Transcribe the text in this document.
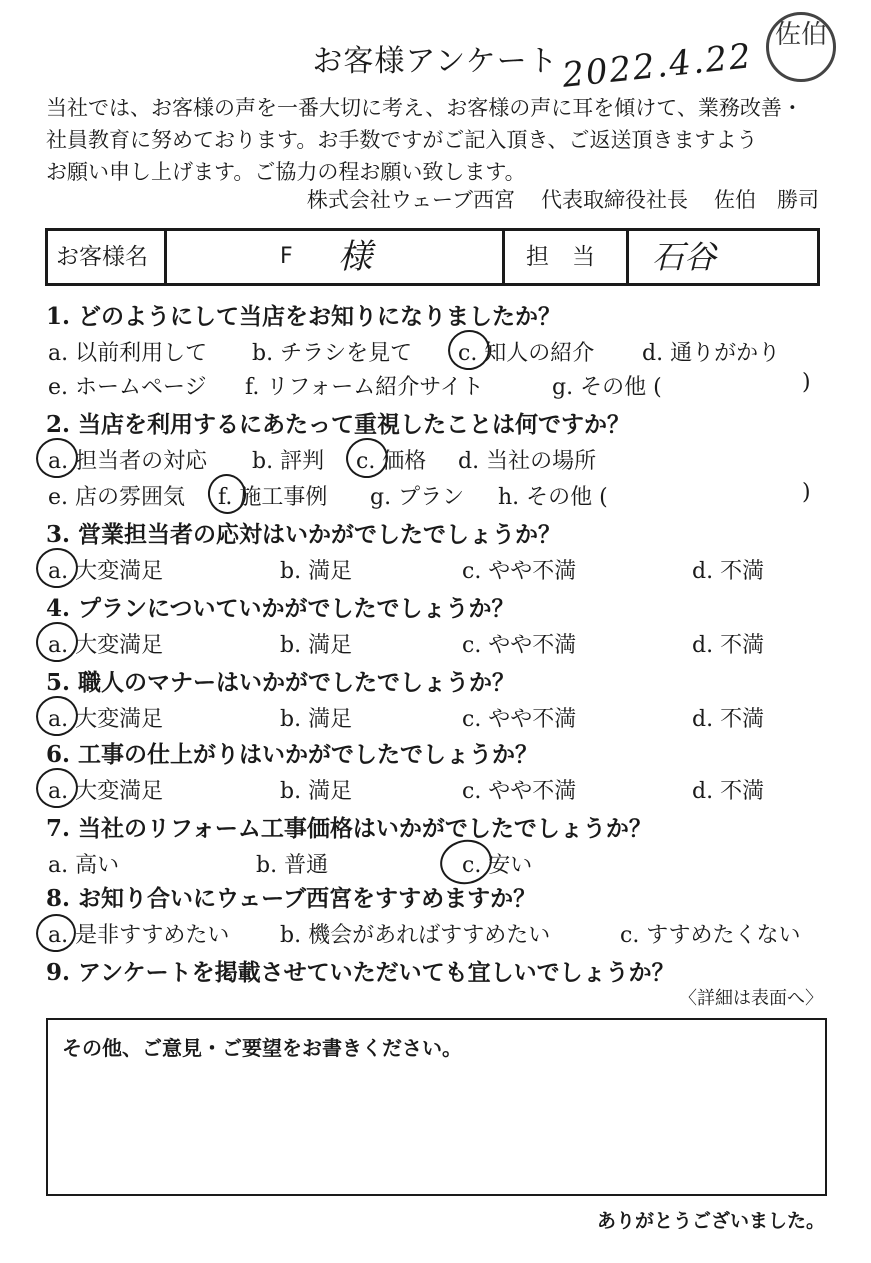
お客様アンケート 2022.4.22
佐伯
当社では、お客様の声を一番大切に考え、お客様の声に耳を傾けて、業務改善・
社員教育に努めております。お手数ですがご記入頂き、ご返送頂きますよう
お願い申し上げます。ご協力の程お願い致します。
株式会社ウェーブ西宮 代表取締役社長 佐伯　勝司
お客様名	F 様	担　当 石谷
1. どのようにして当店をお知りになりましたか？
a. 以前利用して b. チラシを見て c. 知人の紹介 d. 通りがかり
e. ホームページ f. リフォーム紹介サイト	g. その他 (	)
2. 当店を利用するにあたって重視したことは何ですか？
a. 担当者の対応 b. 評判 c. 価格 d. 当社の場所
e. 店の雰囲気 f. 施工事例 g. プラン h. その他 (	)
3. 営業担当者の応対はいかがでしたでしょうか？
a. 大変満足	b. 満足	c. やや不満	d. 不満
4. プランについていかがでしたでしょうか？
a. 大変満足	b. 満足	c. やや不満	d. 不満
5. 職人のマナーはいかがでしたでしょうか？
a. 大変満足	b. 満足	c. やや不満	d. 不満
6. 工事の仕上がりはいかがでしたでしょうか？
a. 大変満足	b. 満足	c. やや不満	d. 不満
7. 当社のリフォーム工事価格はいかがでしたでしょうか？
a. 高い	b. 普通	c. 安い
8. お知り合いにウェーブ西宮をすすめますか？
a. 是非すすめたい b. 機会があればすすめたい	c. すすめたくない
9. アンケートを掲載させていただいても宜しいでしょうか？
〈詳細は表面へ〉
その他、ご意見・ご要望をお書きください。
ありがとうございました。
